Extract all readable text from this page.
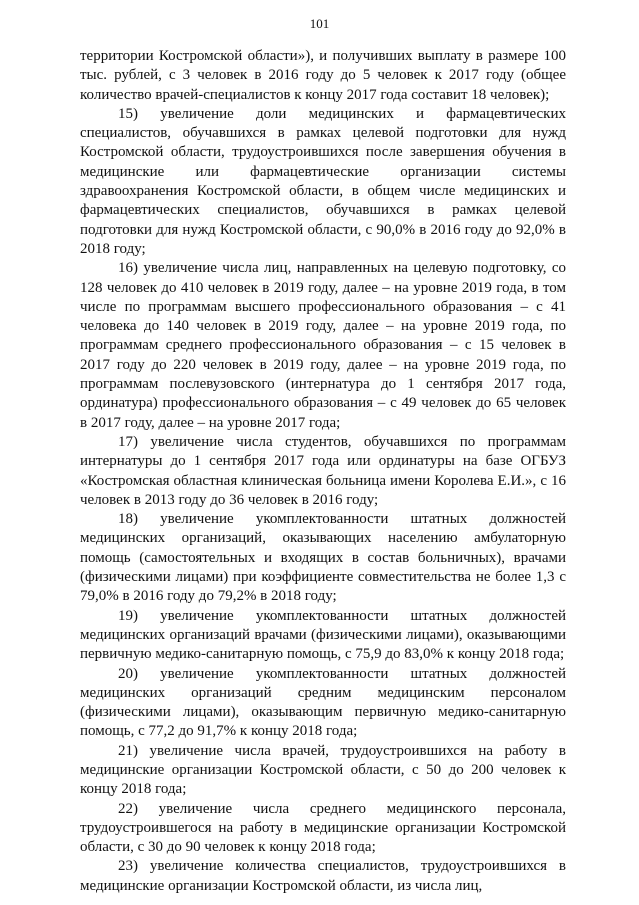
101

территории Костромской области»), и получивших выплату в размере 100 тыс. рублей, с 3 человек в 2016 году до 5 человек к 2017 году (общее количество врачей-специалистов к концу 2017 года составит 18 человек);

15) увеличение доли медицинских и фармацевтических специалистов, обучавшихся в рамках целевой подготовки для нужд Костромской области, трудоустроившихся после завершения обучения в медицинские или фармацевтические организации системы здравоохранения Костромской области, в общем числе медицинских и фармацевтических специалистов, обучавшихся в рамках целевой подготовки для нужд Костромской области, с 90,0% в 2016 году до 92,0% в 2018 году;

16) увеличение числа лиц, направленных на целевую подготовку, со 128 человек до 410 человек в 2019 году, далее – на уровне 2019 года, в том числе по программам высшего профессионального образования – с 41 человека до 140 человек в 2019 году, далее – на уровне 2019 года, по программам среднего профессионального образования – с 15 человек в 2017 году до 220 человек в 2019 году, далее – на уровне 2019 года, по программам послевузовского (интернатура до 1 сентября 2017 года, ординатура) профессионального образования – с 49 человек до 65 человек в 2017 году, далее – на уровне 2017 года;

17) увеличение числа студентов, обучавшихся по программам интернатуры до 1 сентября 2017 года или ординатуры на базе ОГБУЗ «Костромская областная клиническая больница имени Королева Е.И.», с 16 человек в 2013 году до 36 человек в 2016 году;

18) увеличение укомплектованности штатных должностей медицинских организаций, оказывающих населению амбулаторную помощь (самостоятельных и входящих в состав больничных), врачами (физическими лицами) при коэффициенте совместительства не более 1,3 с 79,0% в 2016 году до 79,2% в 2018 году;

19) увеличение укомплектованности штатных должностей медицинских организаций врачами (физическими лицами), оказывающими первичную медико-санитарную помощь, с 75,9 до 83,0% к концу 2018 года;

20) увеличение укомплектованности штатных должностей медицинских организаций средним медицинским персоналом (физическими лицами), оказывающим первичную медико-санитарную помощь, с 77,2 до 91,7% к концу 2018 года;

21) увеличение числа врачей, трудоустроившихся на работу в медицинские организации Костромской области, с 50 до 200 человек к концу 2018 года;

22) увеличение числа среднего медицинского персонала, трудоустроившегося на работу в медицинские организации Костромской области, с 30 до 90 человек к концу 2018 года;

23) увеличение количества специалистов, трудоустроившихся в медицинские организации Костромской области, из числа лиц,
